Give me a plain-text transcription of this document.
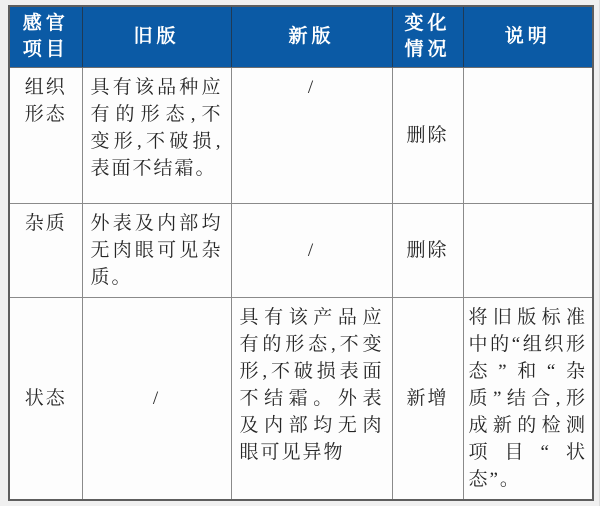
感官项目	旧版	新版	变化情况	说明
组织形态	具有该品种应有的形态,不变形,不破损,表面不结霜。	/	删除	
杂质	外表及内部均无肉眼可见杂质。	/	删除	
状态	/	具有该产品应有的形态,不变形,不破损表面不结霜。外表及内部均无肉眼可见异物	新增	将旧版标准中的“组织形态”和“杂质”结合,形成新的检测项目“状态”。
